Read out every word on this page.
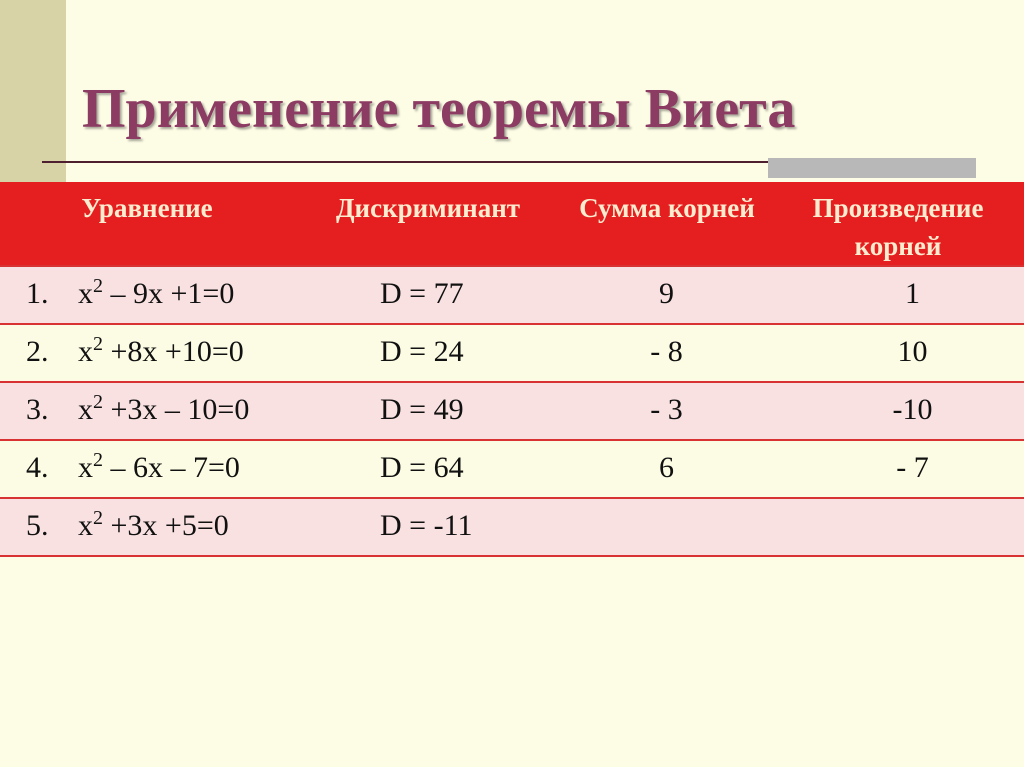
Применение теоремы Виета
Уравнение	Дискриминант	Сумма корней	Произведение корней
1. $x^2 - 9x +1=0$	D = 77	9	1
2. $x^2 +8x +10=0$	D = 24	- 8	10
3. $x^2 +3x - 10=0$	D = 49	- 3	-10
4. $x^2 - 6x - 7=0$	D = 64	6	- 7
5. $x^2 +3x +5=0$	D = -11		
